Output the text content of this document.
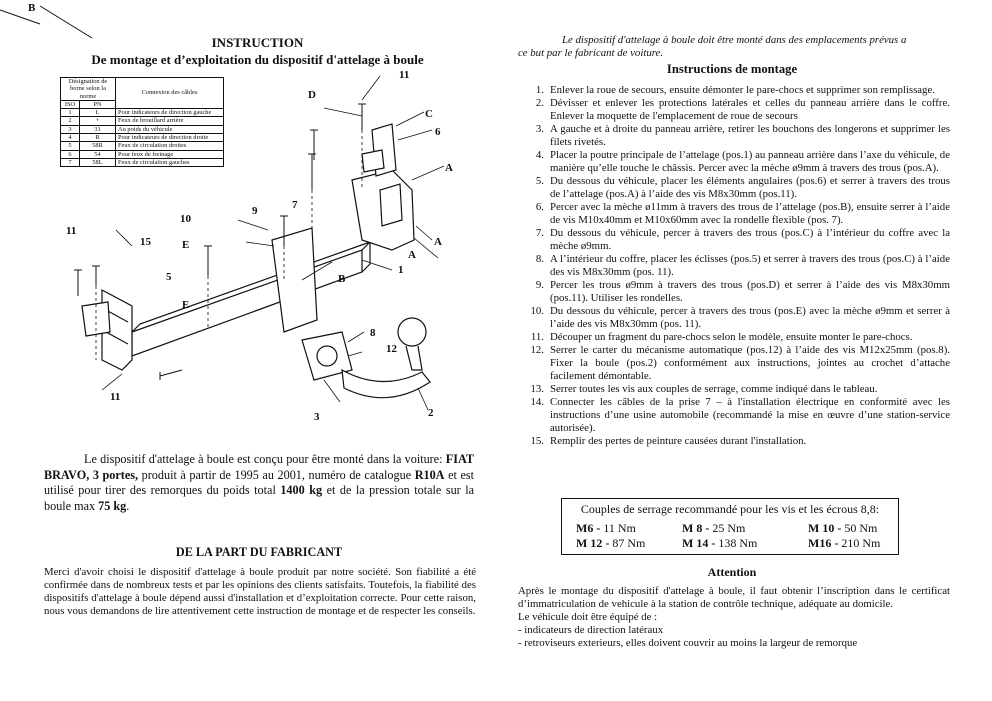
B
INSTRUCTION
De montage et d’exploitation du dispositif d'attelage à boule
11
D
C
6
A
7
9
10
11
15	E	A
A
1
B
5
E
8
12
11
3	2
Désignation de borne selon la norme		Connexion des câbles
ISO	PN	
1	L	Pour indicateurs de direction gauche
2	+	Feux de brouillard arrière
3	31	Au poids du véhicule
4	R	Pour indicateurs de direction droite
5	58R	Feux de circulation droites
6	54	Pour feux de freinage
7	58L	Feux de circulation gauches
Le dispositif d'attelage à boule est conçu pour être monté dans la voiture: FIAT BRAVO, 3 portes, produit à partir de 1995 au 2001, numéro de catalogue R10A et est utilisé pour tirer des remorques du poids total 1400 kg et de la pression totale sur la boule max 75 kg.
DE LA PART DU FABRICANT
Merci d'avoir choisi le dispositif d'attelage à boule produit par notre société. Son fiabilité a été confirmée dans de nombreux tests et par les opinions des clients satisfaits. Toutefois, la fiabilité des dispositifs d'attelage à boule dépend aussi d'installation et d’exploitation correcte. Pour cette raison, nous vous demandons de lire attentivement cette instruction de montage et de respecter les conseils.
Le dispositif d'attelage à boule doit être monté dans des emplacements prévus a
ce but par le fabricant de voiture.
Instructions de montage
1. Enlever la roue de secours, ensuite démonter le pare-chocs et supprimer son remplissage.
2. Dévisser et enlever les protections latérales et celles du panneau arrière dans le coffre. Enlever la moquette de l'emplacement de roue de secours
3. A gauche et à droite du panneau arrière, retirer les bouchons des longerons et supprimer les filets rivetés.
4. Placer la poutre principale de l’attelage (pos.1) au panneau arrière dans l’axe du véhicule, de manière qu’elle touche le châssis. Percer avec la mèche ø9mm à travers des trous (pos.A).
5. Du dessous du véhicule, placer les éléments angulaires (pos.6) et serrer à travers des trous de l’attelage (pos.A) à l’aide des vis M8x30mm (pos.11).
6. Percer avec la mèche ø11mm à travers des trous de l’attelage (pos.B), ensuite serrer à l’aide de vis M10x40mm et M10x60mm avec la rondelle flexible (pos. 7).
7. Du dessous du véhicule, percer à travers des trous (pos.C) à l’intérieur du coffre avec la mèche ø9mm.
8. A l’intérieur du coffre, placer les éclisses (pos.5) et serrer à travers des trous (pos.C) à l’aide des vis M8x30mm (pos. 11).
9. Percer les trous ø9mm à travers des trous (pos.D) et serrer à l’aide des vis M8x30mm (pos.11). Utiliser les rondelles.
10. Du dessous du véhicule, percer à travers des trous (pos.E) avec la mèche ø9mm et serrer à l’aide des vis M8x30mm (pos. 11).
11. Découper un fragment du pare-chocs selon le modèle, ensuite monter le pare-chocs.
12. Serrer le carter du mécanisme automatique (pos.12) à l’aide des vis M12x25mm (pos.8). Fixer la boule (pos.2) conformément aux instructions, jointes au crochet d’attache facilement démontable.
13. Serrer toutes les vis aux couples de serrage, comme indiqué dans le tableau.
14. Connecter les câbles de la prise 7 – à l'installation électrique en conformité avec les instructions d’une usine automobile (recommandé la mise en œuvre d’une station-service autorisée).
15. Remplir des pertes de peinture causées durant l'installation.
Couples de serrage recommandé pour les vis et les écrous 8,8:
M6 - 11 Nm	M 8 - 25 Nm	M 10 - 50 Nm
M 12 - 87 Nm	M 14 - 138 Nm	M16 - 210 Nm
Attention
Après le montage du dispositif d'attelage à boule, il faut obtenir l’inscription dans le certificat d’immatriculation de vehicule à la station de contrôle technique, adéquate au domicile.
Le véhicule doit être équipé de :
- indicateurs de direction latéraux
- retroviseurs exterieurs, elles doivent couvrir au moins la largeur de remorque
